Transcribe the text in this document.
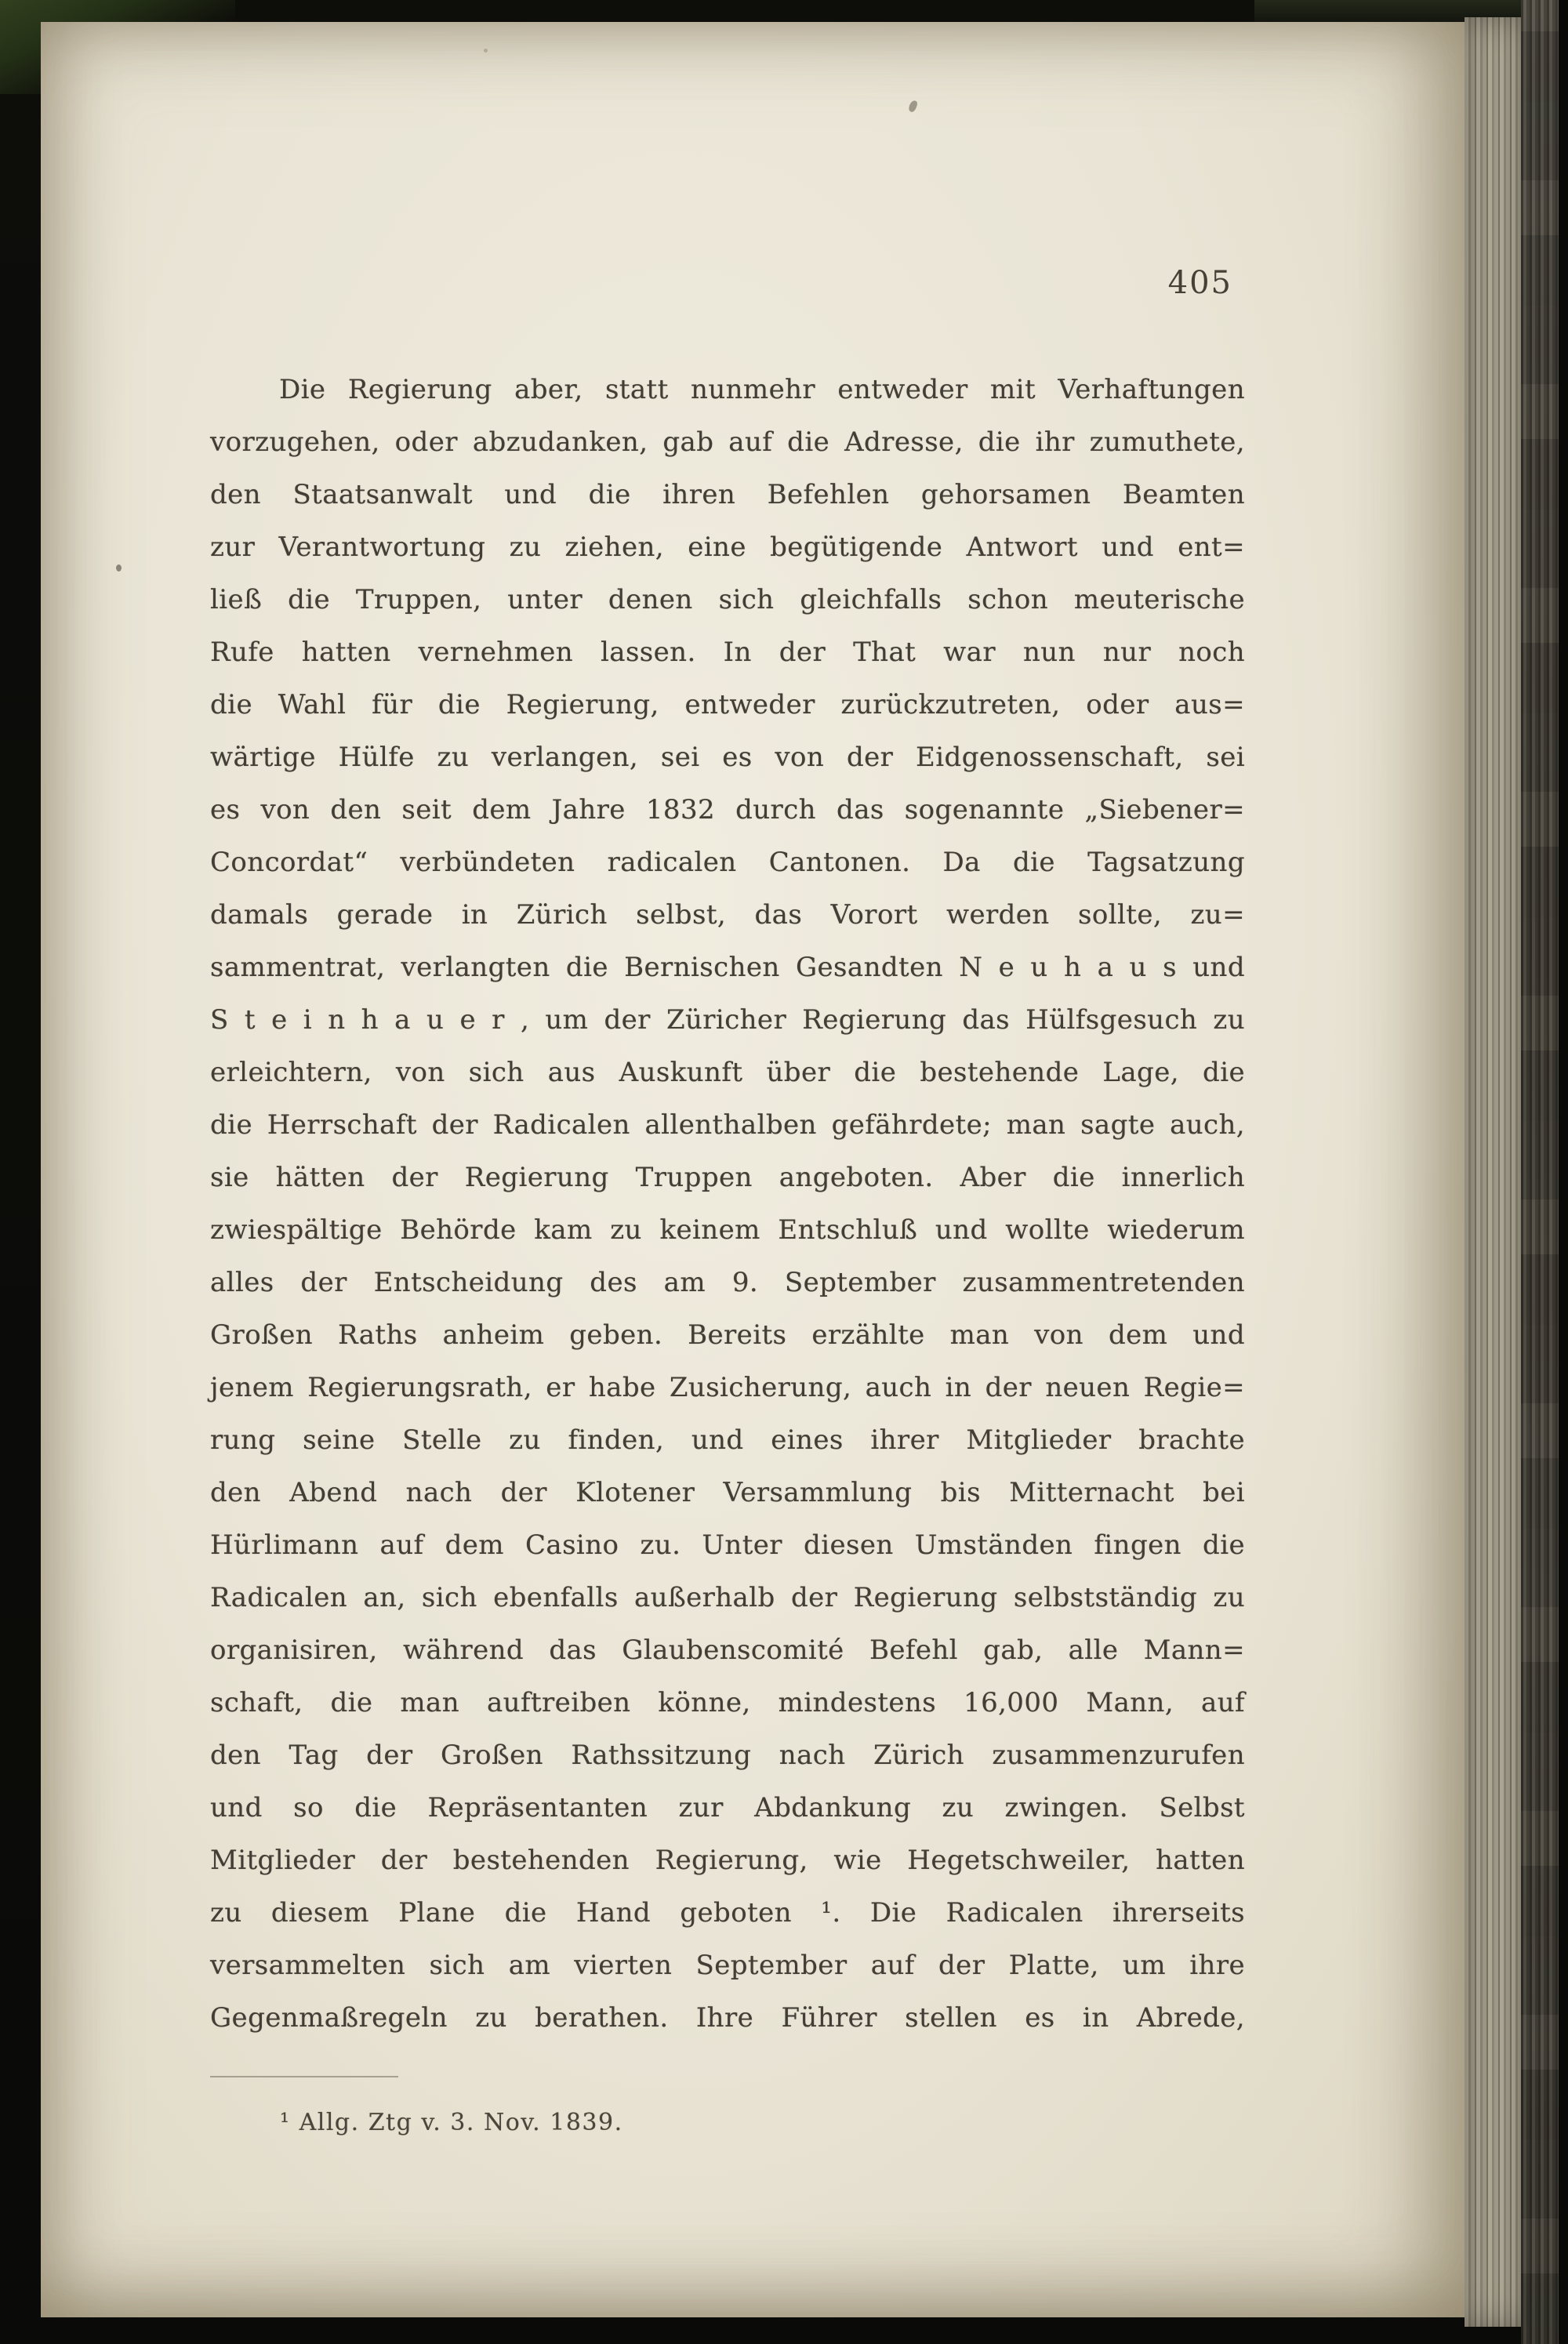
405
Die Regierung aber, statt nunmehr entweder mit Verhaftungen
vorzugehen, oder abzudanken, gab auf die Adresse, die ihr zumuthete,
den Staatsanwalt und die ihren Befehlen gehorsamen Beamten
zur Verantwortung zu ziehen, eine begütigende Antwort und ent=
ließ die Truppen, unter denen sich gleichfalls schon meuterische
Rufe hatten vernehmen lassen. In der That war nun nur noch
die Wahl für die Regierung, entweder zurückzutreten, oder aus=
wärtige Hülfe zu verlangen, sei es von der Eidgenossenschaft, sei
es von den seit dem Jahre 1832 durch das sogenannte „Siebener=
Concordat“ verbündeten radicalen Cantonen. Da die Tagsatzung
damals gerade in Zürich selbst, das Vorort werden sollte, zu=
sammentrat, verlangten die Bernischen Gesandten N e u h a u s und
S t e i n h a u e r , um der Züricher Regierung das Hülfsgesuch zu
erleichtern, von sich aus Auskunft über die bestehende Lage, die
die Herrschaft der Radicalen allenthalben gefährdete; man sagte auch,
sie hätten der Regierung Truppen angeboten. Aber die innerlich
zwiespältige Behörde kam zu keinem Entschluß und wollte wiederum
alles der Entscheidung des am 9. September zusammentretenden
Großen Raths anheim geben. Bereits erzählte man von dem und
jenem Regierungsrath, er habe Zusicherung, auch in der neuen Regie=
rung seine Stelle zu finden, und eines ihrer Mitglieder brachte
den Abend nach der Klotener Versammlung bis Mitternacht bei
Hürlimann auf dem Casino zu. Unter diesen Umständen fingen die
Radicalen an, sich ebenfalls außerhalb der Regierung selbstständig zu
organisiren, während das Glaubenscomité Befehl gab, alle Mann=
schaft, die man auftreiben könne, mindestens 16,000 Mann, auf
den Tag der Großen Rathssitzung nach Zürich zusammenzurufen
und so die Repräsentanten zur Abdankung zu zwingen. Selbst
Mitglieder der bestehenden Regierung, wie Hegetschweiler, hatten
zu diesem Plane die Hand geboten ¹. Die Radicalen ihrerseits
versammelten sich am vierten September auf der Platte, um ihre
Gegenmaßregeln zu berathen. Ihre Führer stellen es in Abrede,
¹ Allg. Ztg v. 3. Nov. 1839.
